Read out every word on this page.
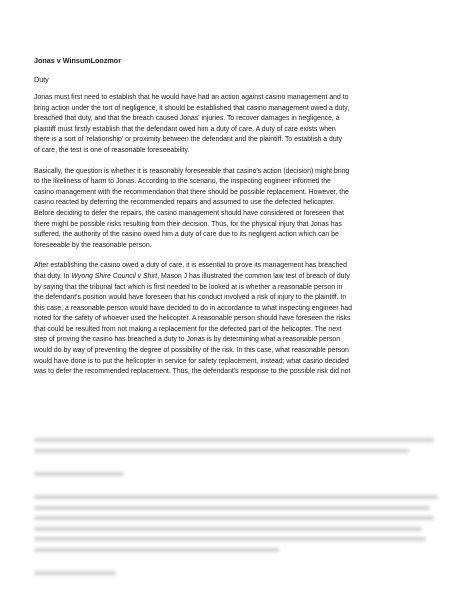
Jonas v WinsumLoozmor
Duty

Jonas must first need to establish that he would have had an action against casino management and to
bring action under the tort of negligence, it should be established that casino management owed a duty,
breached that duty, and that the breach caused Jonas' injuries. To recover damages in negligence, a
plaintiff must firstly establish that the defendant owed him a duty of care. A duty of care exists when
there is a sort of 'relationship' or proximity between the defendant and the plaintiff. To establish a duty
of care, the test is one of reasonable foreseeability.

Basically, the question is whether it is reasonably foreseeable that casino's action (decision) might bring
to the likeliness of harm to Jonas. According to the scenario, the inspecting engineer informed the
casino management with the recommendation that there should be possible replacement. However, the
casino reacted by deferring the recommended repairs and assumed to use the defected helicopter.
Before deciding to defer the repairs, the casino management should have considered or foreseen that
there might be possible risks resulting from their decision. Thus, for the physical injury that Jonas has
suffered, the authority of the casino owed him a duty of care due to its negligent action which can be
foreseeable by the reasonable person.

After establishing the casino owed a duty of care, it is essential to prove its management has breached
that duty. In Wyong Shire Council v Shirt, Mason J has illustrated the common law test of breach of duty
by saying that the tribunal fact which is first needed to be looked at is whether a reasonable person in
the defendant's position would have foreseen that his conduct involved a risk of injury to the plaintiff. In
this case, a reasonable person would have decided to do in accordance to what inspecting engineer had
noted for the safety of whoever used the helicopter. A reasonable person should have foreseen the risks
that could be resulted from not making a replacement for the defected part of the helicopter. The next
step of proving the casino has breached a duty to Jonas is by determining what a reasonable person
would do by way of preventing the degree of possibility of the risk. In this case, what reasonable person
would have done is to put the helicopter in service for safety replacement, instead; what casino decided
was to defer the recommended replacement. Thus, the defendant's response to the possible risk did not
